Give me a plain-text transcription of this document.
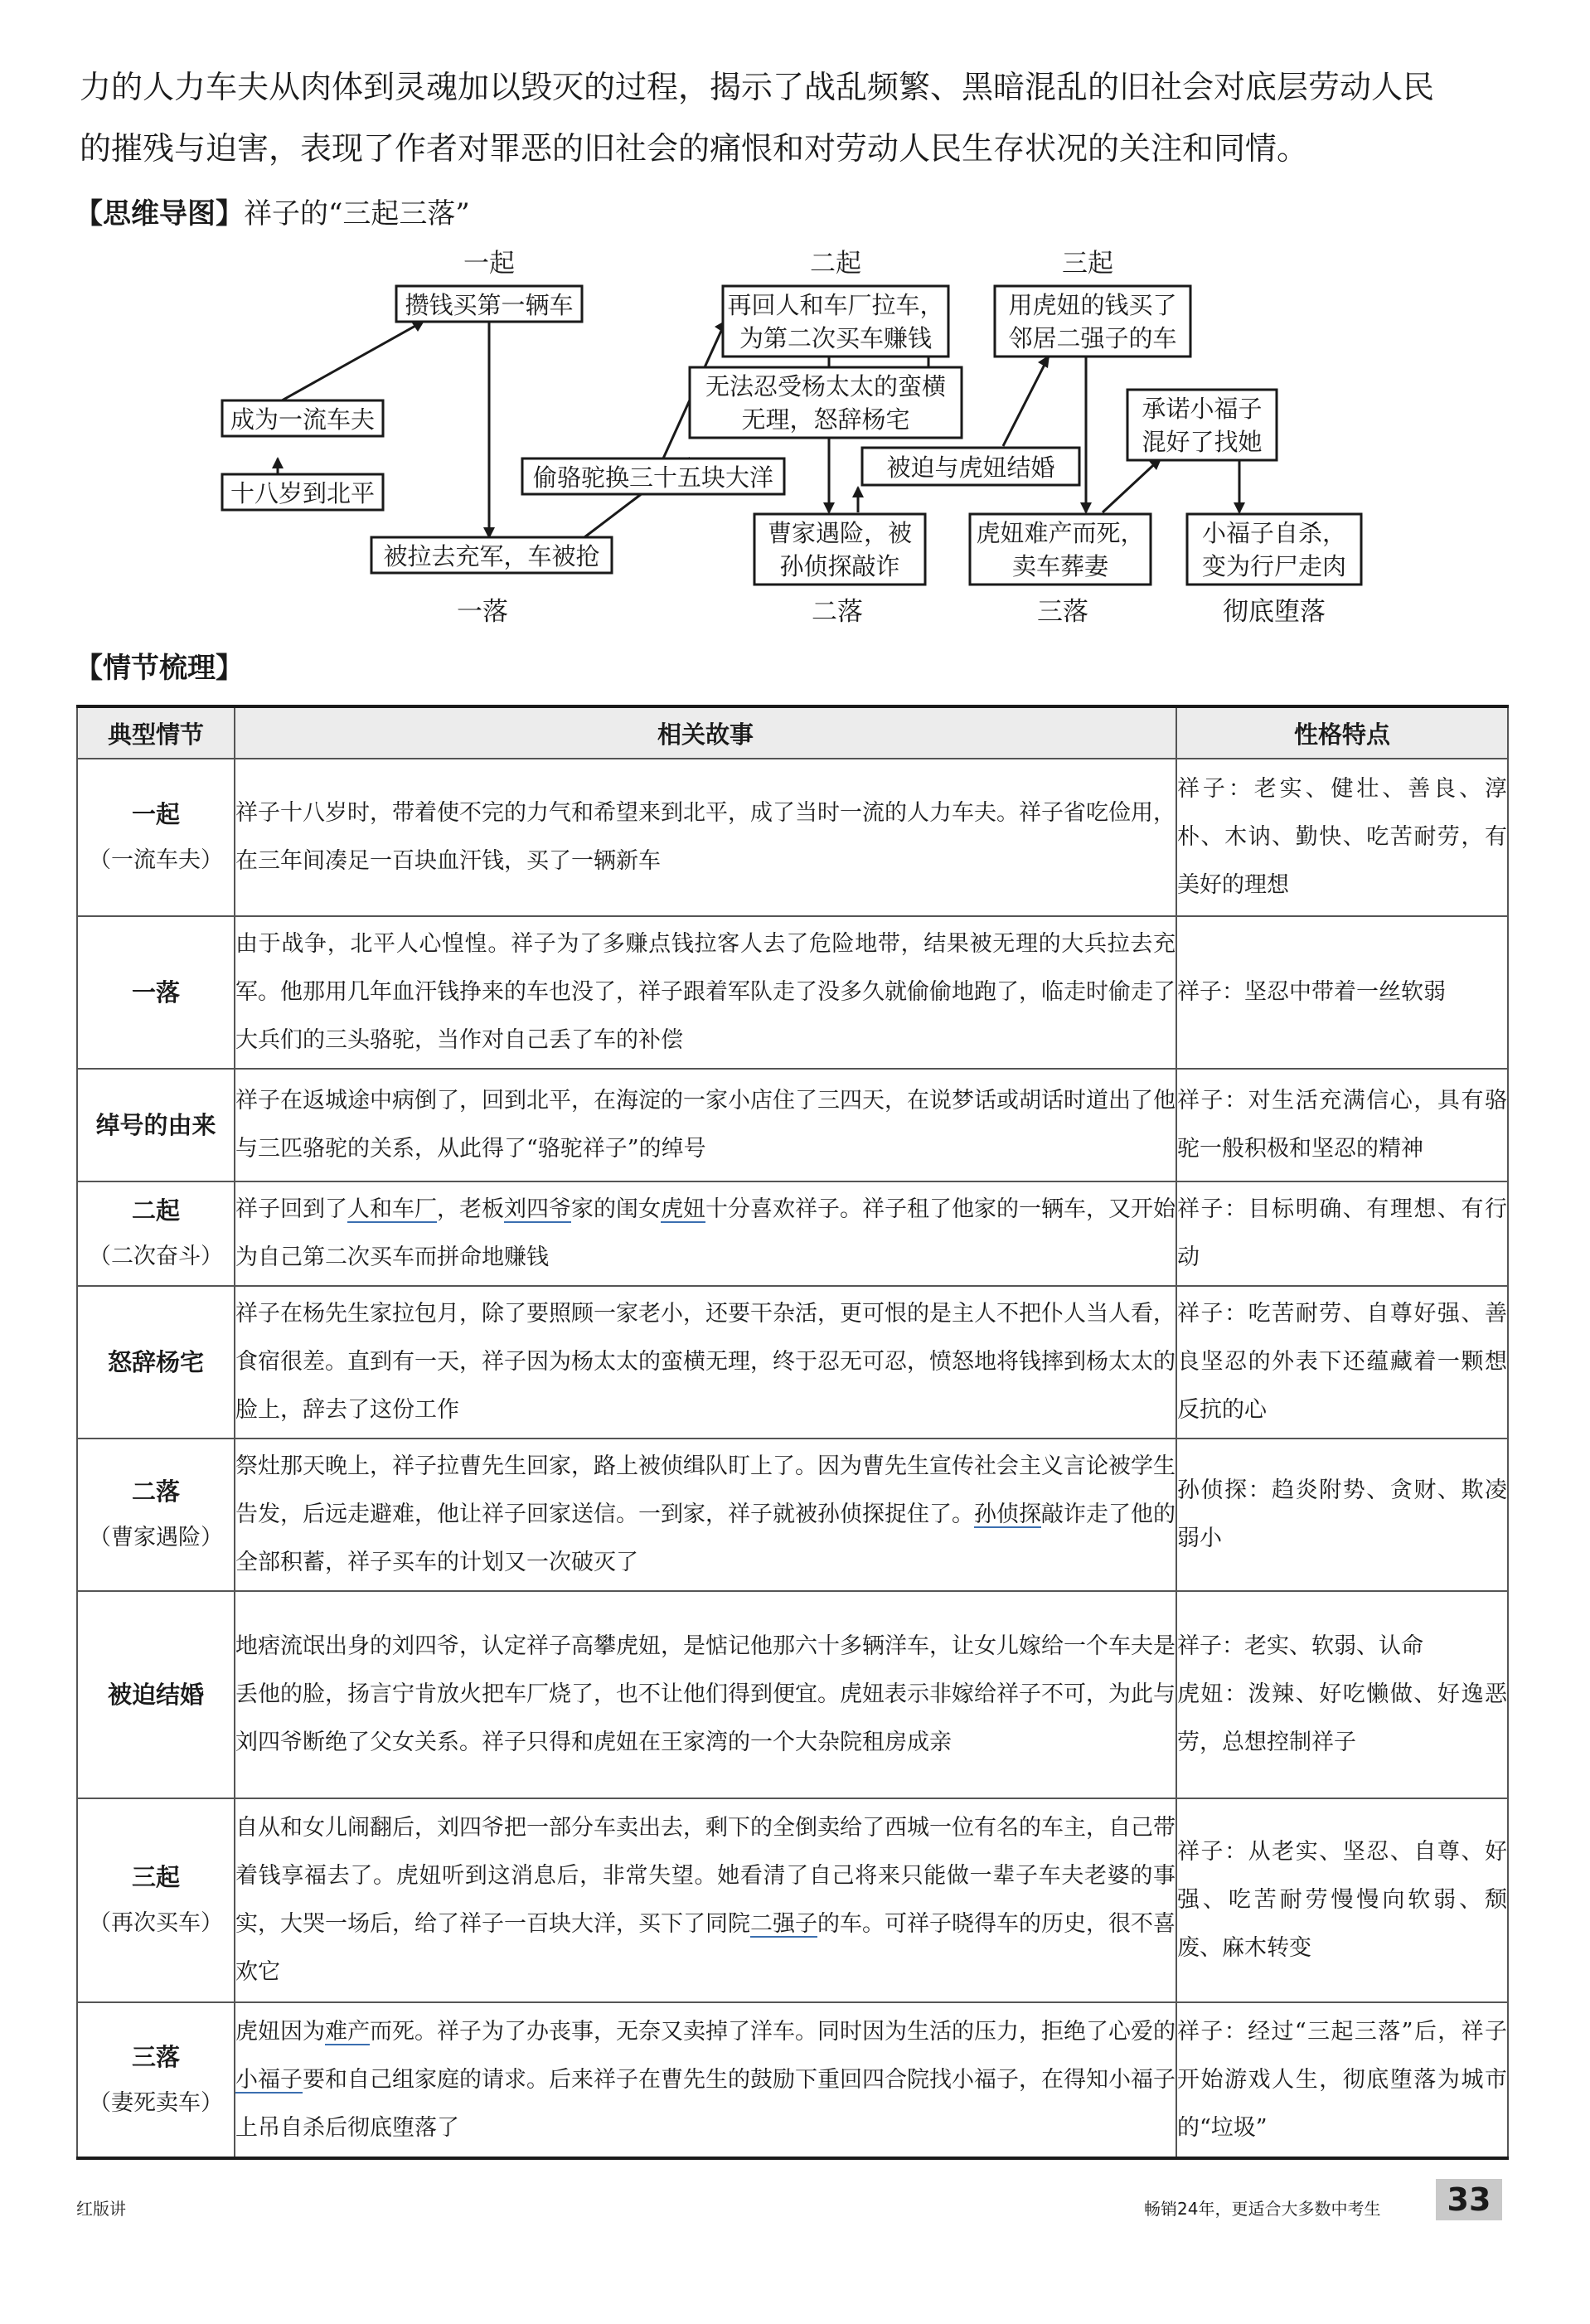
力的人力车夫从肉体到灵魂加以毁灭的过程，揭示了战乱频繁、黑暗混乱的旧社会对底层劳动人民

的摧残与迫害，表现了作者对罪恶的旧社会的痛恨和对劳动人民生存状况的关注和同情。

【思维导图】祥子的“三起三落”
一起	二起	三起
攒钱买第一辆车
成为一流车夫
十八岁到北平
被拉去充军，车被抢
偷骆驼换三十五块大洋
再回人和车厂拉车，
为第二次买车赚钱
无法忍受杨太太的蛮横
无理，怒辞杨宅
曹家遇险，被
孙侦探敲诈
被迫与虎妞结婚
用虎妞的钱买了
邻居二强子的车
虎妞难产而死，
卖车葬妻
承诺小福子
混好了找她
小福子自杀，
变为行尸走肉
一落	二落	三落	彻底堕落
【情节梳理】
典型情节	相关故事	性格特点
一起
（一流车夫）	祥子十八岁时，带着使不完的力气和希望来到北平，成了当时一流的人力车夫。祥子省吃俭用，在三年间凑足一百块血汗钱，买了一辆新车	祥子：老实、健壮、善良、淳朴、木讷、勤快、吃苦耐劳，有美好的理想
一落	由于战争，北平人心惶惶。祥子为了多赚点钱拉客人去了危险地带，结果被无理的大兵拉去充军。他那用几年血汗钱挣来的车也没了，祥子跟着军队走了没多久就偷偷地跑了，临走时偷走了大兵们的三头骆驼，当作对自己丢了车的补偿	祥子：坚忍中带着一丝软弱
绰号的由来	祥子在返城途中病倒了，回到北平，在海淀的一家小店住了三四天，在说梦话或胡话时道出了他与三匹骆驼的关系，从此得了“骆驼祥子”的绰号	祥子：对生活充满信心，具有骆驼一般积极和坚忍的精神
二起
（二次奋斗）	祥子回到了人和车厂，老板刘四爷家的闺女虎妞十分喜欢祥子。祥子租了他家的一辆车，又开始为自己第二次买车而拼命地赚钱	祥子：目标明确、有理想、有行动
怒辞杨宅	祥子在杨先生家拉包月，除了要照顾一家老小，还要干杂活，更可恨的是主人不把仆人当人看，食宿很差。直到有一天，祥子因为杨太太的蛮横无理，终于忍无可忍，愤怒地将钱摔到杨太太的脸上，辞去了这份工作	祥子：吃苦耐劳、自尊好强、善良坚忍的外表下还蕴藏着一颗想反抗的心
二落
（曹家遇险）	祭灶那天晚上，祥子拉曹先生回家，路上被侦缉队盯上了。因为曹先生宣传社会主义言论被学生告发，后远走避难，他让祥子回家送信。一到家，祥子就被孙侦探捉住了。孙侦探敲诈走了他的全部积蓄，祥子买车的计划又一次破灭了	孙侦探：趋炎附势、贪财、欺凌弱小
被迫结婚	地痞流氓出身的刘四爷，认定祥子高攀虎妞，是惦记他那六十多辆洋车，让女儿嫁给一个车夫是丢他的脸，扬言宁肯放火把车厂烧了，也不让他们得到便宜。虎妞表示非嫁给祥子不可，为此与刘四爷断绝了父女关系。祥子只得和虎妞在王家湾的一个大杂院租房成亲	祥子：老实、软弱、认命
虎妞：泼辣、好吃懒做、好逸恶劳，总想控制祥子
三起
（再次买车）	自从和女儿闹翻后，刘四爷把一部分车卖出去，剩下的全倒卖给了西城一位有名的车主，自己带着钱享福去了。虎妞听到这消息后，非常失望。她看清了自己将来只能做一辈子车夫老婆的事实，大哭一场后，给了祥子一百块大洋，买下了同院二强子的车。可祥子晓得车的历史，很不喜欢它	祥子：从老实、坚忍、自尊、好强、吃苦耐劳慢慢向软弱、颓废、麻木转变
三落
（妻死卖车）	虎妞因为难产而死。祥子为了办丧事，无奈又卖掉了洋车。同时因为生活的压力，拒绝了心爱的小福子要和自己组家庭的请求。后来祥子在曹先生的鼓励下重回四合院找小福子，在得知小福子上吊自杀后彻底堕落了	祥子：经过“三起三落”后，祥子开始游戏人生，彻底堕落为城市的“垃圾”
红版讲	畅销24年，更适合大多数中考生	33
